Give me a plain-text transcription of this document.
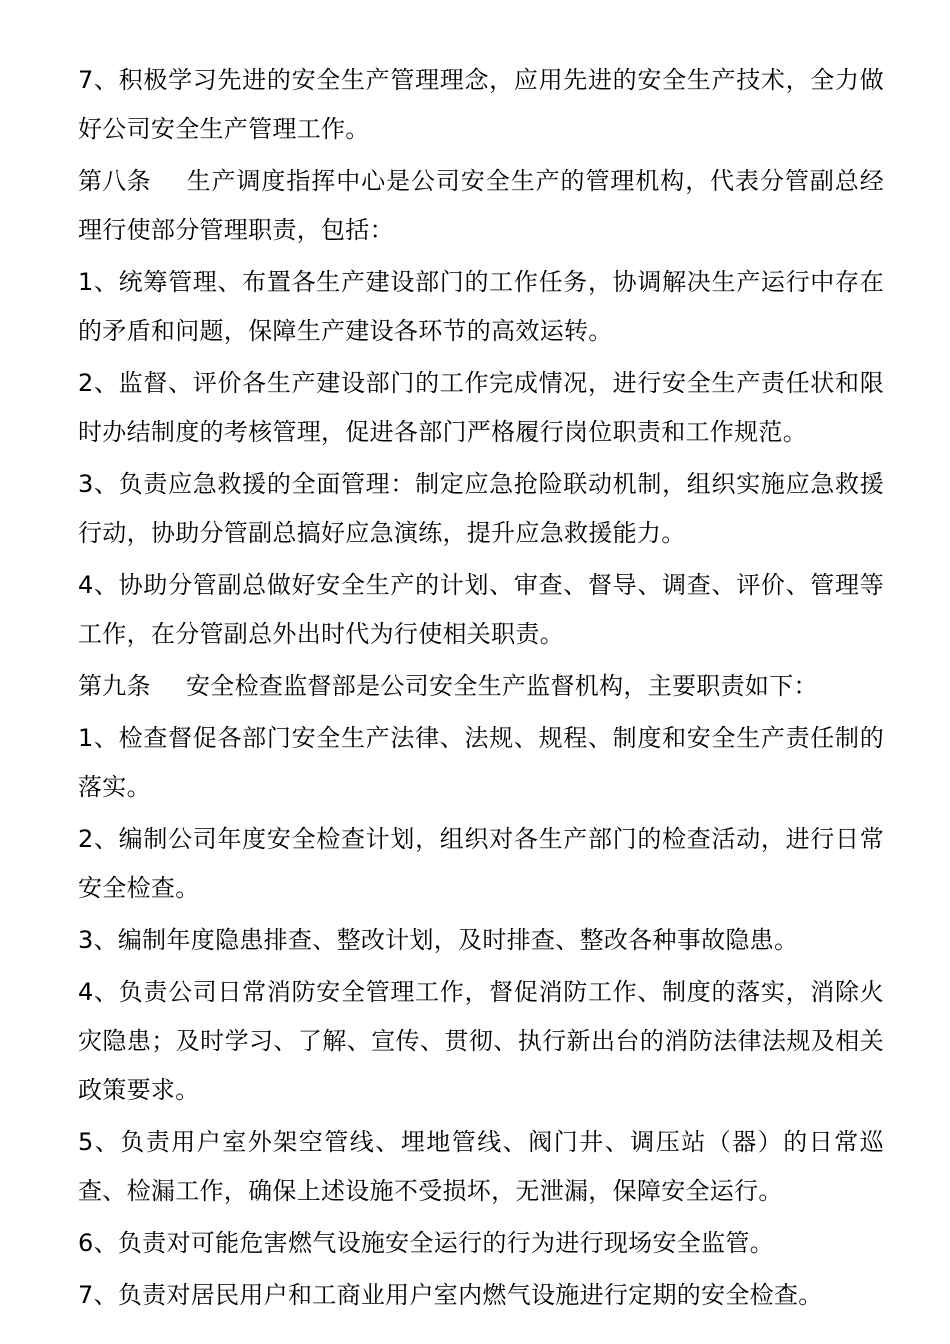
7、积极学习先进的安全生产管理理念，应用先进的安全生产技术，全力做好公司安全生产管理工作。

第八条 生产调度指挥中心是公司安全生产的管理机构，代表分管副总经理行使部分管理职责，包括：

1、统筹管理、布置各生产建设部门的工作任务，协调解决生产运行中存在的矛盾和问题，保障生产建设各环节的高效运转。

2、监督、评价各生产建设部门的工作完成情况，进行安全生产责任状和限时办结制度的考核管理，促进各部门严格履行岗位职责和工作规范。

3、负责应急救援的全面管理：制定应急抢险联动机制，组织实施应急救援行动，协助分管副总搞好应急演练，提升应急救援能力。

4、协助分管副总做好安全生产的计划、审查、督导、调查、评价、管理等工作，在分管副总外出时代为行使相关职责。

第九条 安全检查监督部是公司安全生产监督机构，主要职责如下：

1、检查督促各部门安全生产法律、法规、规程、制度和安全生产责任制的落实。

2、编制公司年度安全检查计划，组织对各生产部门的检查活动，进行日常安全检查。

3、编制年度隐患排查、整改计划，及时排查、整改各种事故隐患。

4、负责公司日常消防安全管理工作，督促消防工作、制度的落实，消除火灾隐患；及时学习、了解、宣传、贯彻、执行新出台的消防法律法规及相关政策要求。

5、负责用户室外架空管线、埋地管线、阀门井、调压站（器）的日常巡查、检漏工作，确保上述设施不受损坏，无泄漏，保障安全运行。

6、负责对可能危害燃气设施安全运行的行为进行现场安全监管。

7、负责对居民用户和工商业用户室内燃气设施进行定期的安全检查。
